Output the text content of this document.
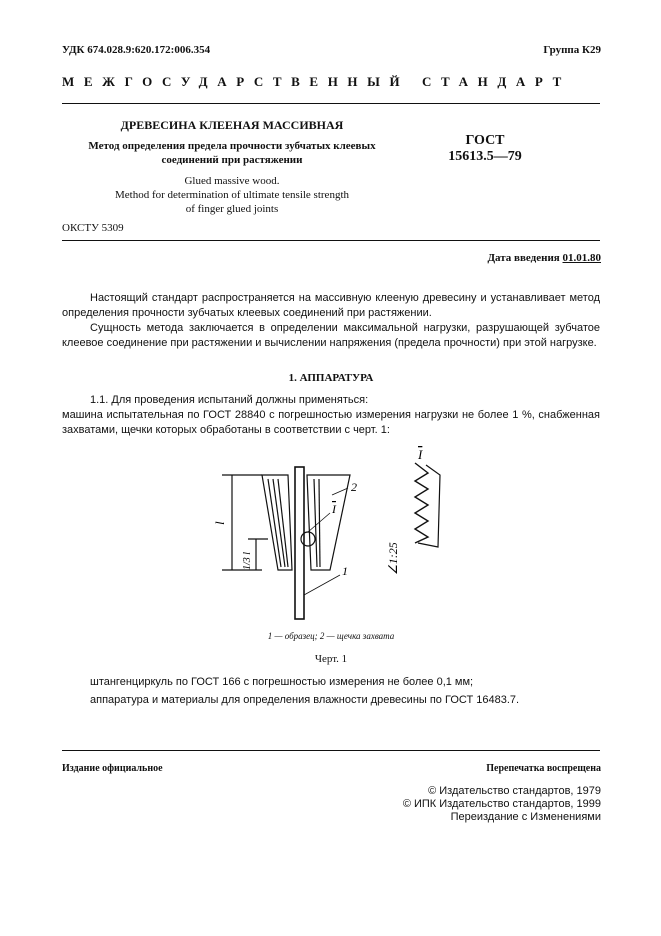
УДК 674.028.9:620.172:006.354	Группа К29
МЕЖГОСУДАРСТВЕННЫЙ СТАНДАРТ
ДРЕВЕСИНА КЛЕЕНАЯ МАССИВНАЯ
Метод определения предела прочности зубчатых клеевых
соединений при растяжении
ГОСТ
15613.5—79
Glued massive wood.
Method for determination of ultimate tensile strength
of finger glued joints
ОКСТУ 5309
Дата введения 01.01.80
Настоящий стандарт распространяется на массивную клееную древесину и устанавливает метод определения прочности зубчатых клеевых соединений при растяжении.
Сущность метода заключается в определении максимальной нагрузки, разрушающей зубчатое клеевое соединение при растяжении и вычислении напряжения (предела прочности) при этой нагрузке.
1. АППАРАТУРА
1.1. Для проведения испытаний должны применяться:
машина испытательная по ГОСТ 28840 с погрешностью измерения нагрузки не более 1 %, снабженная захватами, щечки которых обработаны в соответствии с черт. 1:
l
1/3 l
2
I
1
I
∠1:25
1 — образец; 2 — щечка захвата
Черт. 1
штангенциркуль по ГОСТ 166 с погрешностью измерения не более 0,1 мм;
аппаратура и материалы для определения влажности древесины по ГОСТ 16483.7.
Издание официальное	Перепечатка воспрещена
© Издательство стандартов, 1979
© ИПК Издательство стандартов, 1999
Переиздание с Изменениями
